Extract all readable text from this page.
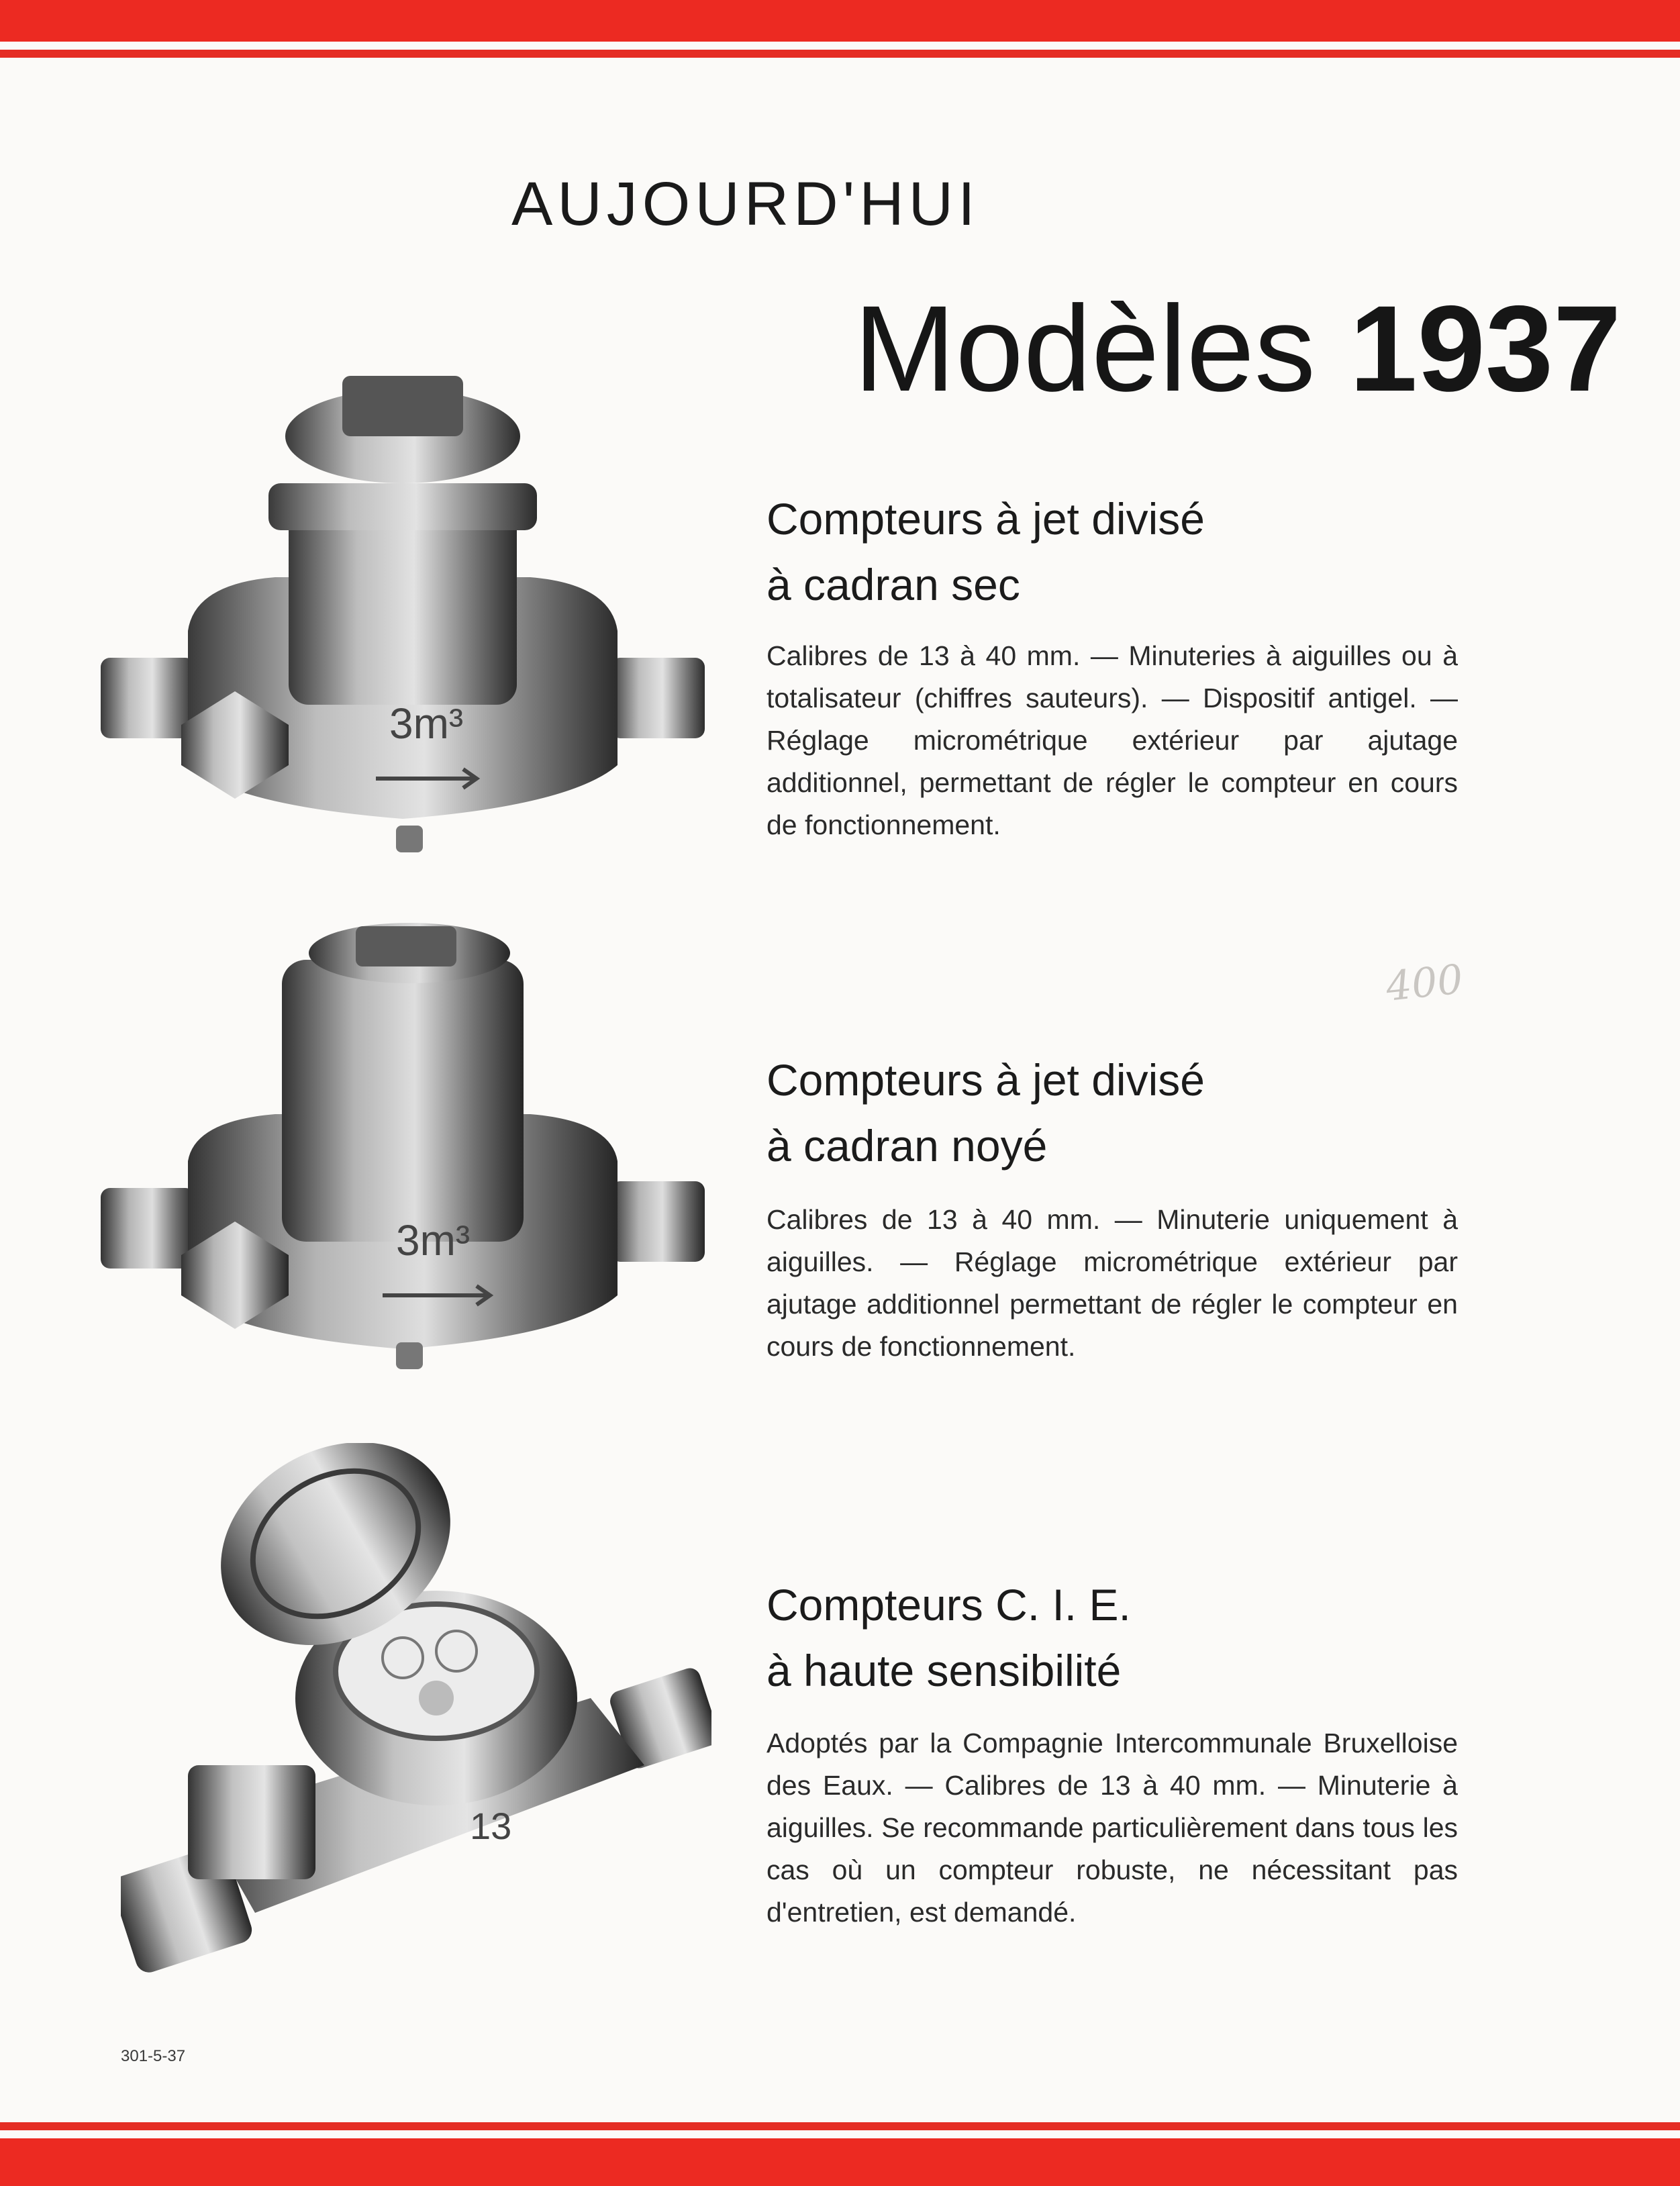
AUJOURD'HUI
Modèles 1937
3m³
Compteurs à jet divisé
à cadran sec
Calibres de 13 à 40 mm. — Minuteries à aiguilles ou à totalisateur (chiffres sauteurs). — Dispositif antigel. — Réglage micrométrique extérieur par ajutage additionnel, permettant de régler le compteur en cours de fonctionnement.
3m³
Compteurs à jet divisé
à cadran noyé
Calibres de 13 à 40 mm. — Minuterie uniquement à aiguilles. — Réglage micrométrique extérieur par ajutage additionnel permettant de régler le compteur en cours de fonctionnement.
13
Compteurs C. I. E.
à haute sensibilité
Adoptés par la Compagnie Intercommunale Bruxelloise des Eaux. — Calibres de 13 à 40 mm. — Minuterie à aiguilles. Se recommande particulièrement dans tous les cas où un compteur robuste, ne nécessitant pas d'entretien, est demandé.
400
301-5-37
